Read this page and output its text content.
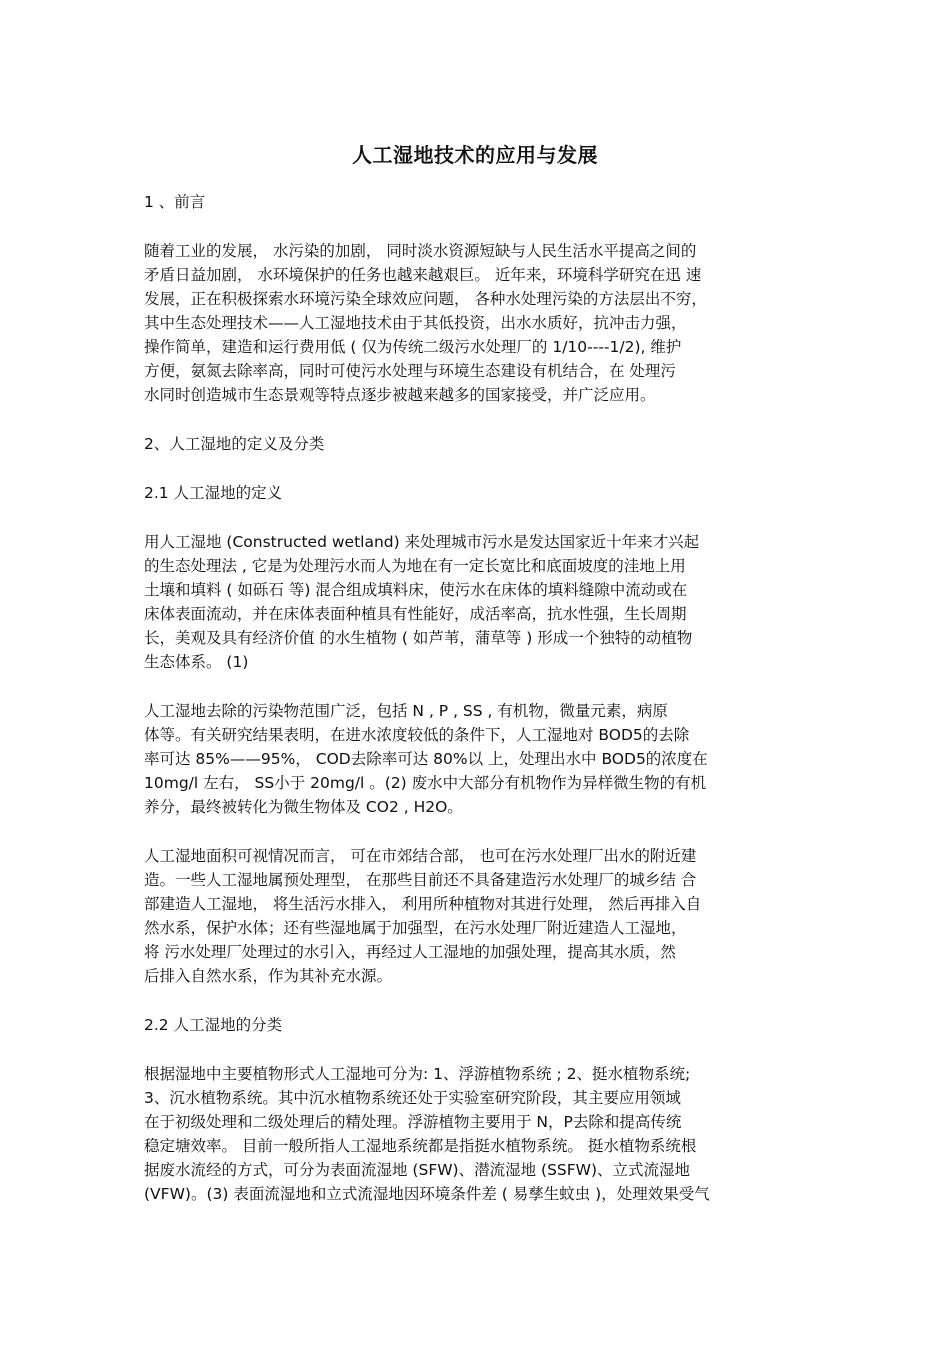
人工湿地技术的应用与发展
1 、前言
随着工业的发展， 水污染的加剧， 同时淡水资源短缺与人民生活水平提高之间的
矛盾日益加剧， 水环境保护的任务也越来越艰巨。 近年来，环境科学研究在迅 速
发展，正在积极探索水环境污染全球效应问题， 各种水处理污染的方法层出不穷，
其中生态处理技术——人工湿地技术由于其低投资，出水水质好，抗冲击力强，
操作简单，建造和运行费用低 ( 仅为传统二级污水处理厂的 1/10----1/2), 维护
方便，氨氮去除率高，同时可使污水处理与环境生态建设有机结合，在 处理污
水同时创造城市生态景观等特点逐步被越来越多的国家接受，并广泛应用。
2、人工湿地的定义及分类
2.1 人工湿地的定义
用人工湿地 (Constructed wetland) 来处理城市污水是发达国家近十年来才兴起
的生态处理法 , 它是为处理污水而人为地在有一定长宽比和底面坡度的洼地上用
土壤和填料 ( 如砾石 等) 混合组成填料床，使污水在床体的填料缝隙中流动或在
床体表面流动，并在床体表面种植具有性能好，成活率高，抗水性强，生长周期
长，美观及具有经济价值 的水生植物 ( 如芦苇，蒲草等 ) 形成一个独特的动植物
生态体系。 (1)
人工湿地去除的污染物范围广泛，包括 N , P , SS , 有机物，微量元素，病原
体等。有关研究结果表明，在进水浓度较低的条件下，人工湿地对 BOD5的去除
率可达 85%——95%， COD去除率可达 80%以 上，处理出水中 BOD5的浓度在
10mg/l 左右， SS小于 20mg/l 。(2) 废水中大部分有机物作为异样微生物的有机
养分，最终被转化为微生物体及 CO2 , H2O。
人工湿地面积可视情况而言， 可在市郊结合部， 也可在污水处理厂出水的附近建
造。一些人工湿地属预处理型， 在那些目前还不具备建造污水处理厂的城乡结 合
部建造人工湿地， 将生活污水排入， 利用所种植物对其进行处理， 然后再排入自
然水系，保护水体；还有些湿地属于加强型，在污水处理厂附近建造人工湿地，
将 污水处理厂处理过的水引入，再经过人工湿地的加强处理，提高其水质，然
后排入自然水系，作为其补充水源。
2.2 人工湿地的分类
根据湿地中主要植物形式人工湿地可分为: 1、浮游植物系统 ; 2、挺水植物系统;
3、沉水植物系统。其中沉水植物系统还处于实验室研究阶段，其主要应用领域
在于初级处理和二级处理后的精处理。浮游植物主要用于 N，P去除和提高传统
稳定塘效率。 目前一般所指人工湿地系统都是指挺水植物系统。 挺水植物系统根
据废水流经的方式，可分为表面流湿地 (SFW)、潜流湿地 (SSFW)、立式流湿地
(VFW)。(3) 表面流湿地和立式流湿地因环境条件差 ( 易孳生蚊虫 )，处理效果受气
